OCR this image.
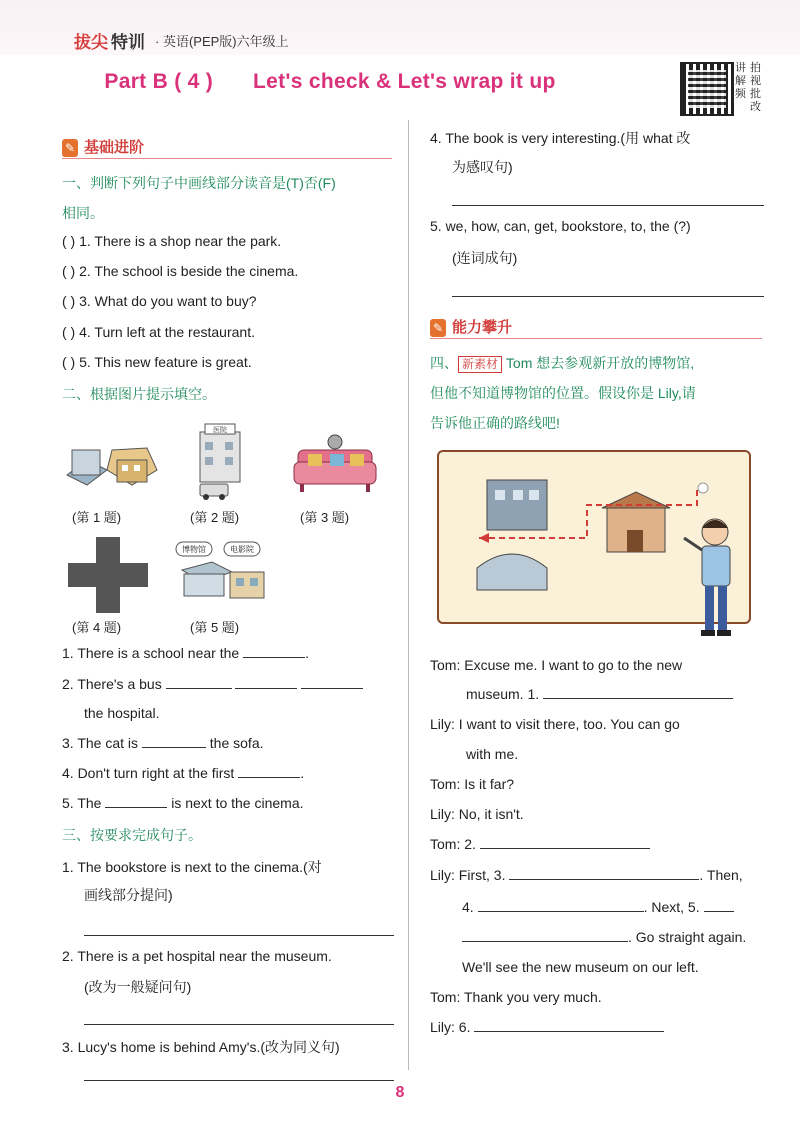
拔尖 特训 · 英语(PEP版)六年级上
Part B ( 4 ) Let's check & Let's wrap it up
讲 拍
解 视
频 批
改
✎ 基础进阶
一、判断下列句子中画线部分读音是(T)否(F)
相同。
( ) 1. There is a shop near the park.
( ) 2. The school is beside the cinema.
( ) 3. What do you want to buy?
( ) 4. Turn left at the restaurant.
( ) 5. This new feature is great.
二、根据图片提示填空。
医院
(第 1 题)	(第 2 题)	(第 3 题)
博物馆	电影院
(第 4 题)	(第 5 题)
1. There is a school near the	.
2. There's a bus
the hospital.
3. The cat is	the sofa.
4. Don't turn right at the first	.
5. The	is next to the cinema.
三、按要求完成句子。
1. The bookstore is next to the cinema.(对
画线部分提问)
2. There is a pet hospital near the museum.
(改为一般疑问句)
3. Lucy's home is behind Amy's.(改为同义句)
4. The book is very interesting.(用 what 改
为感叹句)
5. we, how, can, get, bookstore, to, the (?)
(连词成句)
✎ 能力攀升
四、 新素材 Tom 想去参观新开放的博物馆,
但他不知道博物馆的位置。假设你是 Lily,请
告诉他正确的路线吧!
Tom: Excuse me. I want to go to the new
museum. 1.
Lily: I want to visit there, too. You can go
with me.
Tom: Is it far?
Lily: No, it isn't.
Tom: 2.
Lily: First, 3.	. Then,
4.	. Next, 5.
. Go straight again.
We'll see the new museum on our left.
Tom: Thank you very much.
Lily: 6.
8
